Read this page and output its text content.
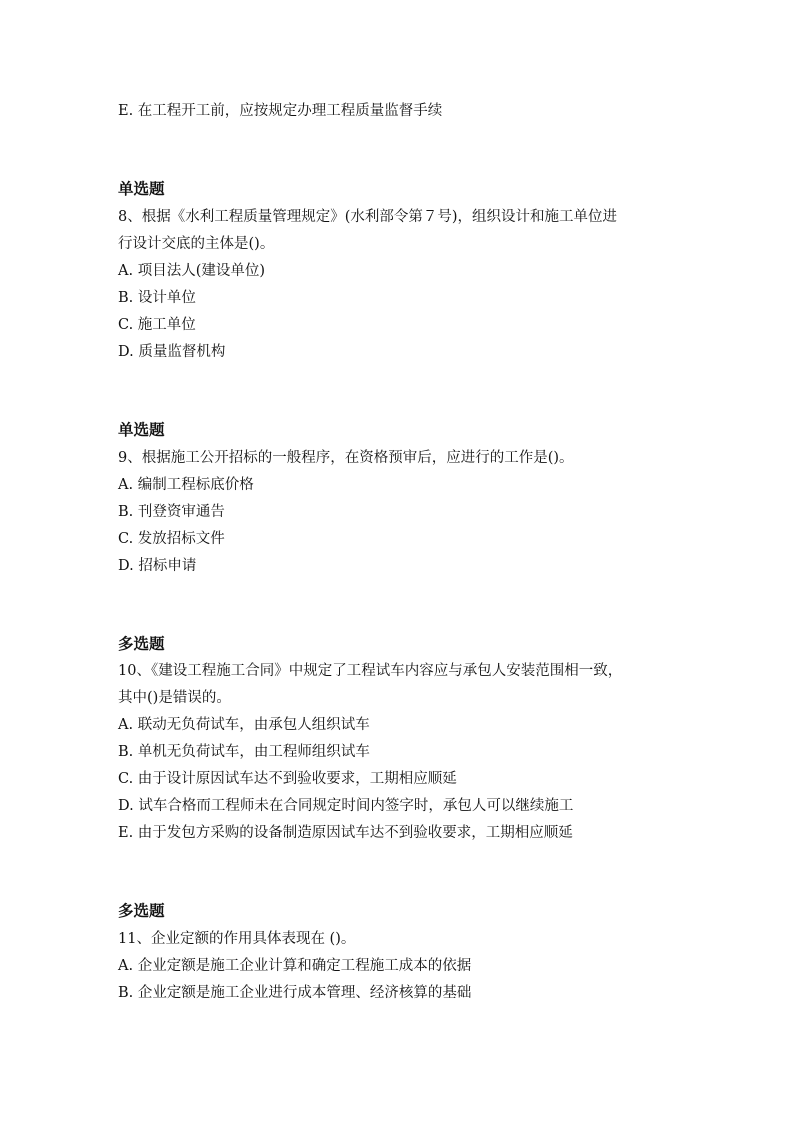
E. 在工程开工前，应按规定办理工程质量监督手续
单选题
8、根据《水利工程质量管理规定》(水利部令第７号)，组织设计和施工单位进
行设计交底的主体是()。
A. 项目法人(建设单位)
B. 设计单位
C. 施工单位
D. 质量监督机构
单选题
9、根据施工公开招标的一般程序，在资格预审后，应进行的工作是()。
A. 编制工程标底价格
B. 刊登资审通告
C. 发放招标文件
D. 招标申请
多选题
10、《建设工程施工合同》中规定了工程试车内容应与承包人安装范围相一致，
其中()是错误的。
A. 联动无负荷试车，由承包人组织试车
B. 单机无负荷试车，由工程师组织试车
C. 由于设计原因试车达不到验收要求，工期相应顺延
D. 试车合格而工程师未在合同规定时间内签字时，承包人可以继续施工
E. 由于发包方采购的设备制造原因试车达不到验收要求，工期相应顺延
多选题
11、企业定额的作用具体表现在 ()。
A. 企业定额是施工企业计算和确定工程施工成本的依据
B. 企业定额是施工企业进行成本管理、经济核算的基础
